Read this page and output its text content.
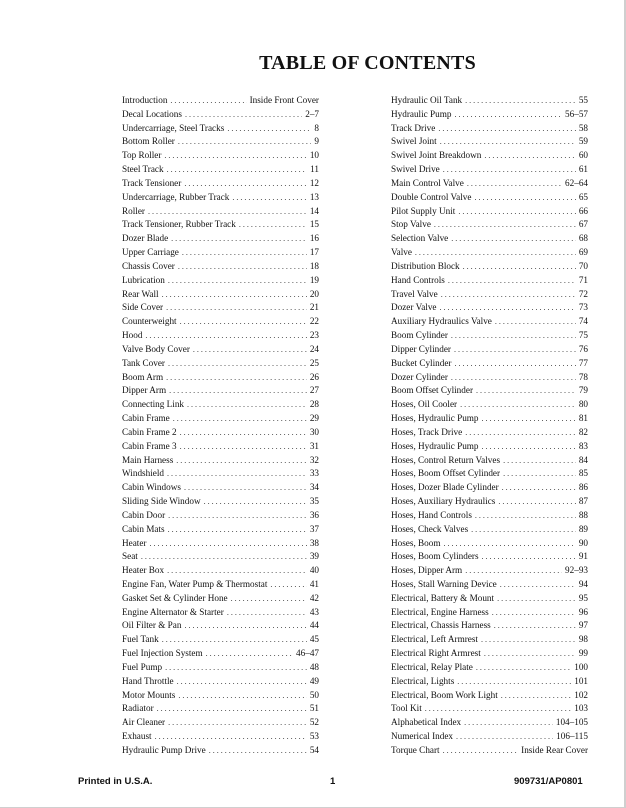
TABLE OF CONTENTS
Introduction . . .	Inside Front Cover
Decal Locations . . .	2–7
Undercarriage, Steel Tracks . . .	8
Bottom Roller . . .	9
Top Roller . . .	10
Steel Track . . .	11
Track Tensioner . . .	12
Undercarriage, Rubber Track . . .	13
Roller . . .	14
Track Tensioner, Rubber Track . . .	15
Dozer Blade . . .	16
Upper Carriage . . .	17
Chassis Cover . . .	18
Lubrication . . .	19
Rear Wall . . .	20
Side Cover . . .	21
Counterweight . . .	22
Hood . . .	23
Valve Body Cover . . .	24
Tank Cover . . .	25
Boom Arm . . .	26
Dipper Arm . . .	27
Connecting Link . . .	28
Cabin Frame . . .	29
Cabin Frame 2 . . .	30
Cabin Frame 3 . . .	31
Main Harness . . .	32
Windshield . . .	33
Cabin Windows . . .	34
Sliding Side Window . . .	35
Cabin Door . . .	36
Cabin Mats . . .	37
Heater . . .	38
Seat . . .	39
Heater Box . . .	40
Engine Fan, Water Pump & Thermostat . . .	41
Gasket Set & Cylinder Hone . . .	42
Engine Alternator & Starter . . .	43
Oil Filter & Pan . . .	44
Fuel Tank . . .	45
Fuel Injection System . . .	46–47
Fuel Pump . . .	48
Hand Throttle . . .	49
Motor Mounts . . .	50
Radiator . . .	51
Air Cleaner . . .	52
Exhaust . . .	53
Hydraulic Pump Drive . . .	54
Hydraulic Oil Tank . . .	55
Hydraulic Pump . . .	56–57
Track Drive . . .	58
Swivel Joint . . .	59
Swivel Joint Breakdown . . .	60
Swivel Drive . . .	61
Main Control Valve . . .	62–64
Double Control Valve . . .	65
Pilot Supply Unit . . .	66
Stop Valve . . .	67
Selection Valve . . .	68
Valve . . .	69
Distribution Block . . .	70
Hand Controls . . .	71
Travel Valve . . .	72
Dozer Valve . . .	73
Auxiliary Hydraulics Valve . . .	74
Boom Cylinder . . .	75
Dipper Cylinder . . .	76
Bucket Cylinder . . .	77
Dozer Cylinder . . .	78
Boom Offset Cylinder . . .	79
Hoses, Oil Cooler . . .	80
Hoses, Hydraulic Pump . . .	81
Hoses, Track Drive . . .	82
Hoses, Hydraulic Pump . . .	83
Hoses, Control Return Valves . . .	84
Hoses, Boom Offset Cylinder . . .	85
Hoses, Dozer Blade Cylinder . . .	86
Hoses, Auxiliary Hydraulics . . .	87
Hoses, Hand Controls . . .	88
Hoses, Check Valves . . .	89
Hoses, Boom . . .	90
Hoses, Boom Cylinders . . .	91
Hoses, Dipper Arm . . .	92–93
Hoses, Stall Warning Device . . .	94
Electrical, Battery & Mount . . .	95
Electrical, Engine Harness . . .	96
Electrical, Chassis Harness . . .	97
Electrical, Left Armrest . . .	98
Electrical Right Armrest . . .	99
Electrical, Relay Plate . . .	100
Electrical, Lights . . .	101
Electrical, Boom Work Light . . .	102
Tool Kit . . .	103
Alphabetical Index . . .	104–105
Numerical Index . . .	106–115
Torque Chart . . .	Inside Rear Cover
Printed in U.S.A.	1	909731/AP0801
